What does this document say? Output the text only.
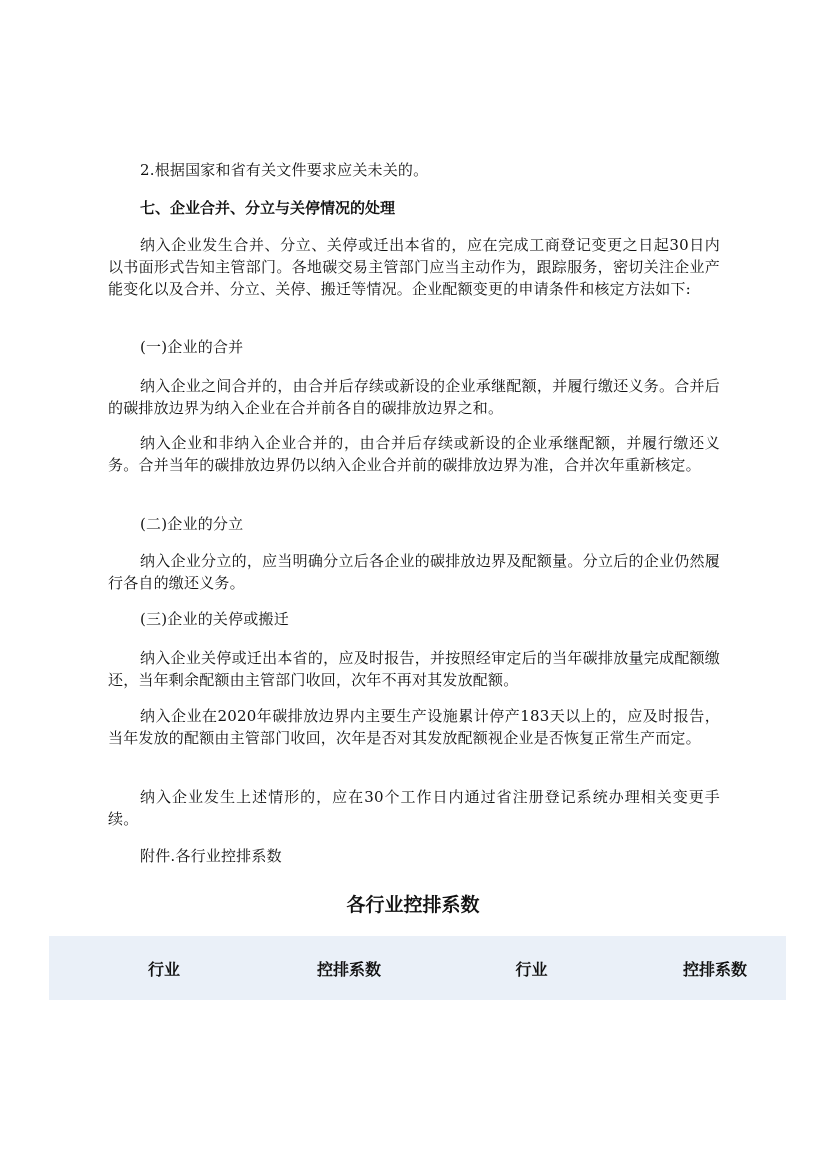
2.根据国家和省有关文件要求应关未关的。

七、企业合并、分立与关停情况的处理

纳入企业发生合并、分立、关停或迁出本省的，应在完成工商登记变更之日起30日内以书面形式告知主管部门。各地碳交易主管部门应当主动作为，跟踪服务，密切关注企业产能变化以及合并、分立、关停、搬迁等情况。企业配额变更的申请条件和核定方法如下:

(一)企业的合并

纳入企业之间合并的，由合并后存续或新设的企业承继配额，并履行缴还义务。合并后的碳排放边界为纳入企业在合并前各自的碳排放边界之和。

纳入企业和非纳入企业合并的，由合并后存续或新设的企业承继配额，并履行缴还义务。合并当年的碳排放边界仍以纳入企业合并前的碳排放边界为准，合并次年重新核定。

(二)企业的分立

纳入企业分立的，应当明确分立后各企业的碳排放边界及配额量。分立后的企业仍然履行各自的缴还义务。

(三)企业的关停或搬迁

纳入企业关停或迁出本省的，应及时报告，并按照经审定后的当年碳排放量完成配额缴还，当年剩余配额由主管部门收回，次年不再对其发放配额。

纳入企业在2020年碳排放边界内主要生产设施累计停产183天以上的，应及时报告，当年发放的配额由主管部门收回，次年是否对其发放配额视企业是否恢复正常生产而定。

纳入企业发生上述情形的，应在30个工作日内通过省注册登记系统办理相关变更手续。

附件.各行业控排系数

各行业控排系数

行业	控排系数	行业	控排系数
